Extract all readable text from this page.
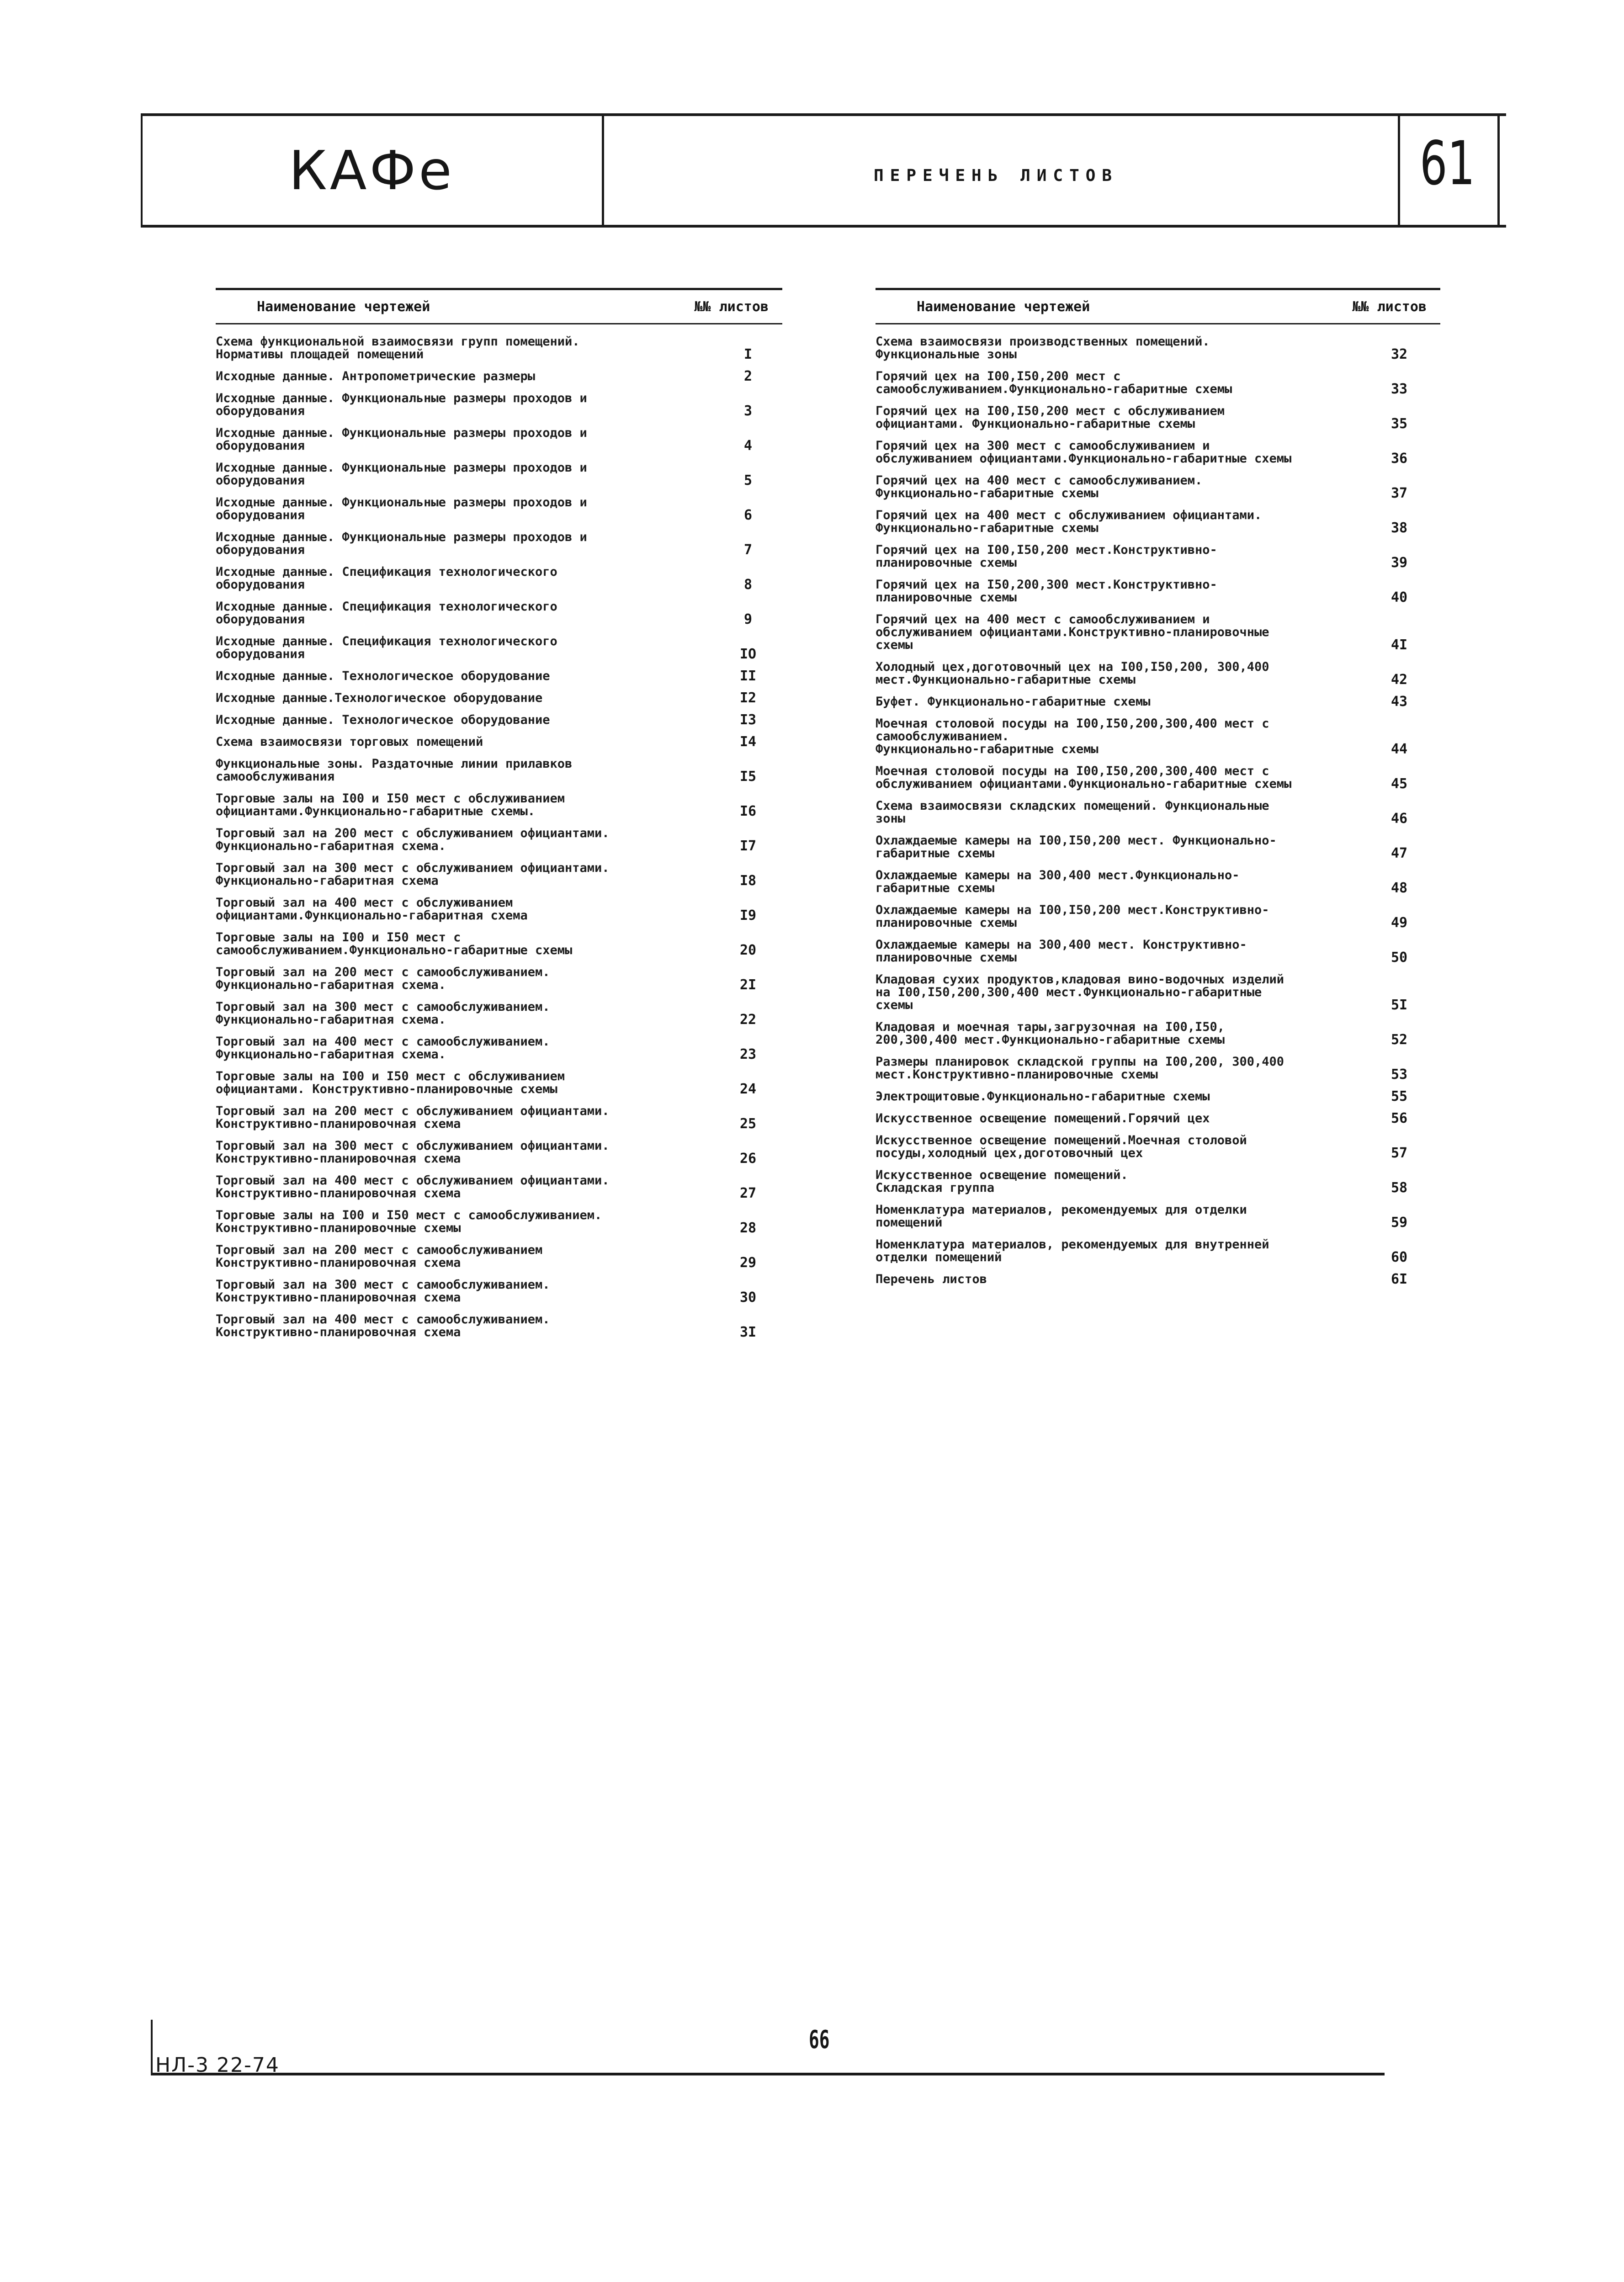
КАФе	ПЕРЕЧЕНЬ ЛИСТОВ	61
Наименование чертежей	№№ листов
Схема функциональной взаимосвязи групп помещений.
Нормативы площадей помещений	I
Исходные данные. Антропометрические размеры	2
Исходные данные. Функциональные размеры проходов и оборудования	3
Исходные данные. Функциональные размеры проходов и оборудования	4
Исходные данные. Функциональные размеры проходов и оборудования	5
Исходные данные. Функциональные размеры проходов и оборудования	6
Исходные данные. Функциональные размеры проходов и оборудования	7
Исходные данные. Спецификация технологического оборудования	8
Исходные данные. Спецификация технологического оборудования	9
Исходные данные. Спецификация технологического оборудования	IO
Исходные данные. Технологическое оборудование	II
Исходные данные.Технологическое оборудование	I2
Исходные данные. Технологическое оборудование	I3
Схема взаимосвязи торговых помещений	I4
Функциональные зоны. Раздаточные линии прилавков самообслуживания	I5
Торговые залы на I00 и I50 мест с обслуживанием официантами.Функционально-габаритные схемы.	I6
Торговый зал на 200 мест с обслуживанием официантами. Функционально-габаритная схема.	I7
Торговый зал на 300 мест с обслуживанием официантами. Функционально-габаритная схема	I8
Торговый зал на 400 мест с обслуживанием официантами.Функционально-габаритная схема	I9
Торговые залы на I00 и I50 мест с самообслуживанием.Функционально-габаритные схемы	20
Торговый зал на 200 мест с самообслуживанием. Функционально-габаритная схема.	2I
Торговый зал на 300 мест с самообслуживанием. Функционально-габаритная схема.	22
Торговый зал на 400 мест с самообслуживанием. Функционально-габаритная схема.	23
Торговые залы на I00 и I50 мест с обслуживанием официантами. Конструктивно-планировочные схемы	24
Торговый зал на 200 мест с обслуживанием официантами. Конструктивно-планировочная схема	25
Торговый зал на 300 мест с обслуживанием официантами. Конструктивно-планировочная схема	26
Торговый зал на 400 мест с обслуживанием официантами. Конструктивно-планировочная схема	27
Торговые залы на I00 и I50 мест с самообслуживанием. Конструктивно-планировочные схемы	28
Торговый зал на 200 мест с самообслуживанием Конструктивно-планировочная схема	29
Торговый зал на 300 мест с самообслуживанием. Конструктивно-планировочная схема	30
Торговый зал на 400 мест с самообслуживанием. Конструктивно-планировочная схема	3I
Наименование чертежей	№№ листов
Схема взаимосвязи производственных помещений.
Функциональные зоны	32
Горячий цех на I00,I50,200 мест с самообслуживанием.Функционально-габаритные схемы	33
Горячий цех на I00,I50,200 мест с обслуживанием официантами. Функционально-габаритные схемы	35
Горячий цех на 300 мест с самообслуживанием и обслуживанием официантами.Функционально-габаритные схемы	36
Горячий цех на 400 мест с самообслуживанием. Функционально-габаритные схемы	37
Горячий цех на 400 мест с обслуживанием официантами.
Функционально-габаритные схемы	38
Горячий цех на I00,I50,200 мест.Конструктивно-планировочные схемы	39
Горячий цех на I50,200,300 мест.Конструктивно-планировочные схемы	40
Горячий цех на 400 мест с самообслуживанием и обслуживанием официантами.Конструктивно-планировочные схемы	4I
Холодный цех,доготовочный цех на I00,I50,200, 300,400 мест.Функционально-габаритные схемы	42
Буфет. Функционально-габаритные схемы	43
Моечная столовой посуды на I00,I50,200,300,400 мест с самообслуживанием.
Функционально-габаритные схемы	44
Моечная столовой посуды на I00,I50,200,300,400 мест с обслуживанием официантами.Функционально-габаритные схемы	45
Схема взаимосвязи складских помещений. Функциональные зоны	46
Охлаждаемые камеры на I00,I50,200 мест. Функционально-габаритные схемы	47
Охлаждаемые камеры на 300,400 мест.Функционально-габаритные схемы	48
Охлаждаемые камеры на I00,I50,200 мест.Конструктивно-планировочные схемы	49
Охлаждаемые камеры на 300,400 мест. Конструктивно-планировочные схемы	50
Кладовая сухих продуктов,кладовая вино-водочных изделий на I00,I50,200,300,400 мест.Функционально-габаритные схемы	5I
Кладовая и моечная тары,загрузочная на I00,I50, 200,300,400 мест.Функционально-габаритные схемы	52
Размеры планировок складской группы на I00,200, 300,400 мест.Конструктивно-планировочные схемы	53
Электрощитовые.Функционально-габаритные схемы	55
Искусственное освещение помещений.Горячий цех	56
Искусственное освещение помещений.Моечная столовой посуды,холодный цех,доготовочный цех	57
Искусственное освещение помещений.
Складская группа	58
Номенклатура материалов, рекомендуемых для отделки помещений	59
Номенклатура материалов, рекомендуемых для внутренней отделки помещений	60
Перечень листов	6I
66
НЛ-3 22-74
